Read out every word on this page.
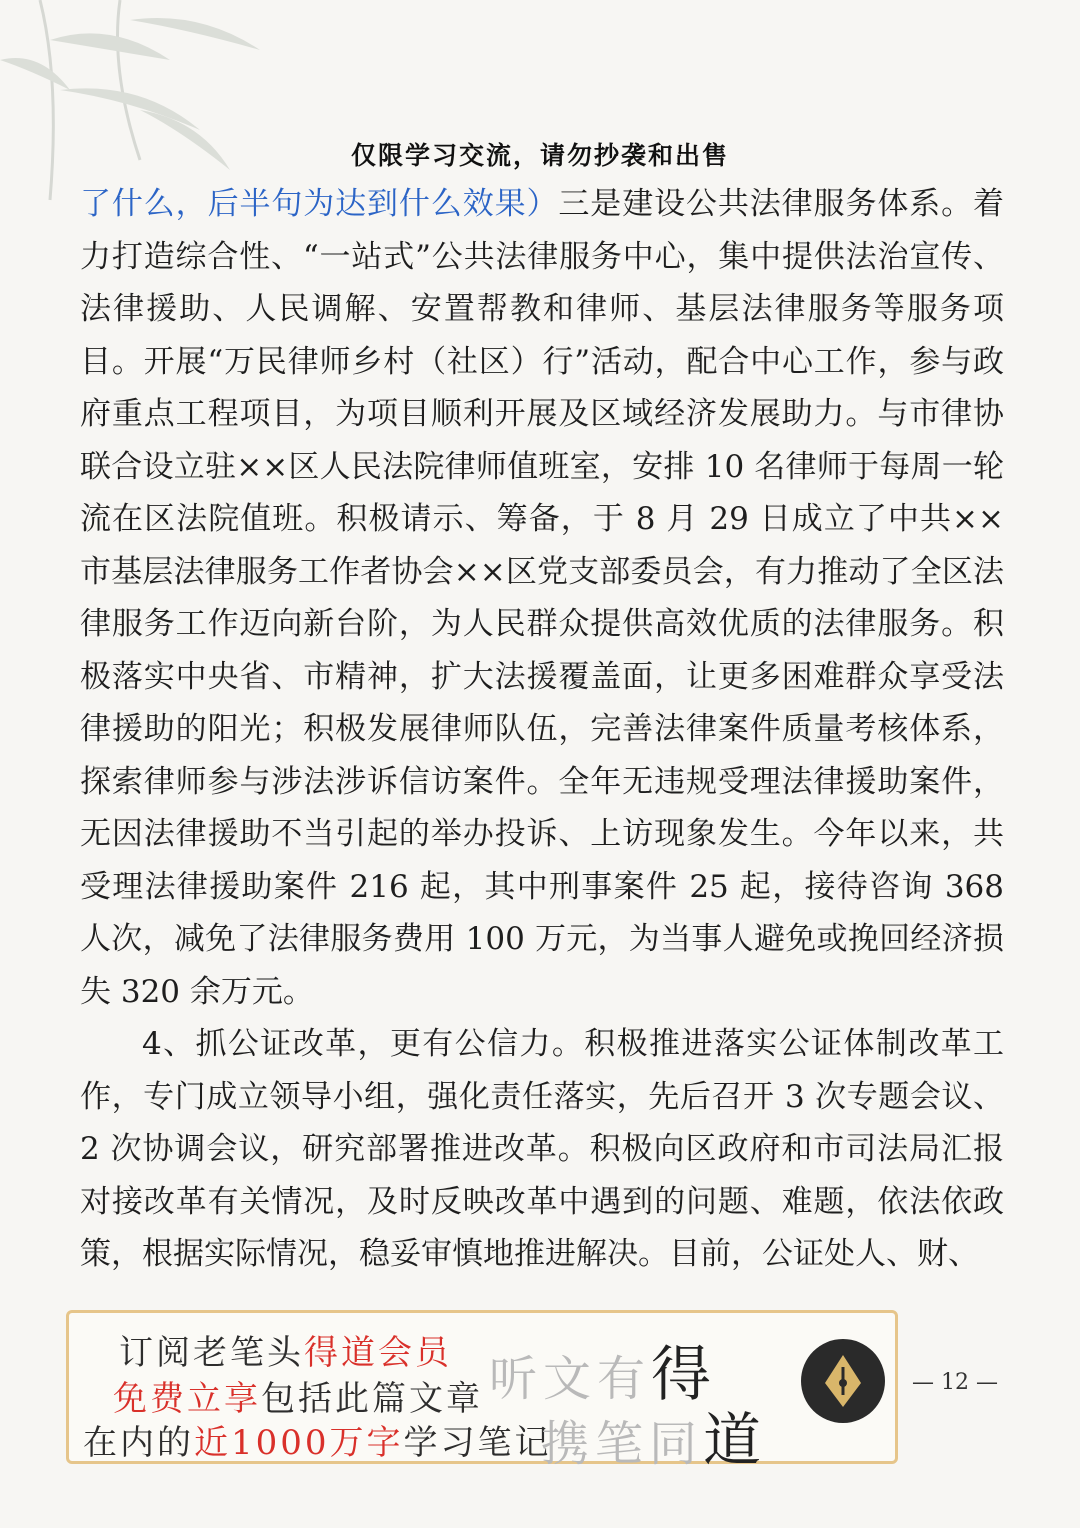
仅限学习交流，请勿抄袭和出售

了什么，后半句为达到什么效果）三是建设公共法律服务体系。着力打造综合性、“一站式”公共法律服务中心，集中提供法治宣传、法律援助、人民调解、安置帮教和律师、基层法律服务等服务项目。开展“万民律师乡村（社区）行”活动，配合中心工作，参与政府重点工程项目，为项目顺利开展及区域经济发展助力。与市律协联合设立驻××区人民法院律师值班室，安排 10 名律师于每周一轮流在区法院值班。积极请示、筹备，于 8 月 29 日成立了中共××市基层法律服务工作者协会××区党支部委员会，有力推动了全区法律服务工作迈向新台阶，为人民群众提供高效优质的法律服务。积极落实中央省、市精神，扩大法援覆盖面，让更多困难群众享受法律援助的阳光；积极发展律师队伍，完善法律案件质量考核体系，探索律师参与涉法涉诉信访案件。全年无违规受理法律援助案件，无因法律援助不当引起的举办投诉、上访现象发生。今年以来，共受理法律援助案件 216 起，其中刑事案件 25 起，接待咨询 368 人次，减免了法律服务费用 100 万元，为当事人避免或挽回经济损失 320 余万元。

4、抓公证改革，更有公信力。积极推进落实公证体制改革工作，专门成立领导小组，强化责任落实，先后召开 3 次专题会议、2 次协调会议，研究部署推进改革。积极向区政府和市司法局汇报对接改革有关情况，及时反映改革中遇到的问题、难题，依法依政策，根据实际情况，稳妥审慎地推进解决。目前，公证处人、财、

订阅老笔头得道会员
免费立享包括此篇文章
在内的近1000万字学习笔记
听文有得
携笔同道
— 12 —
